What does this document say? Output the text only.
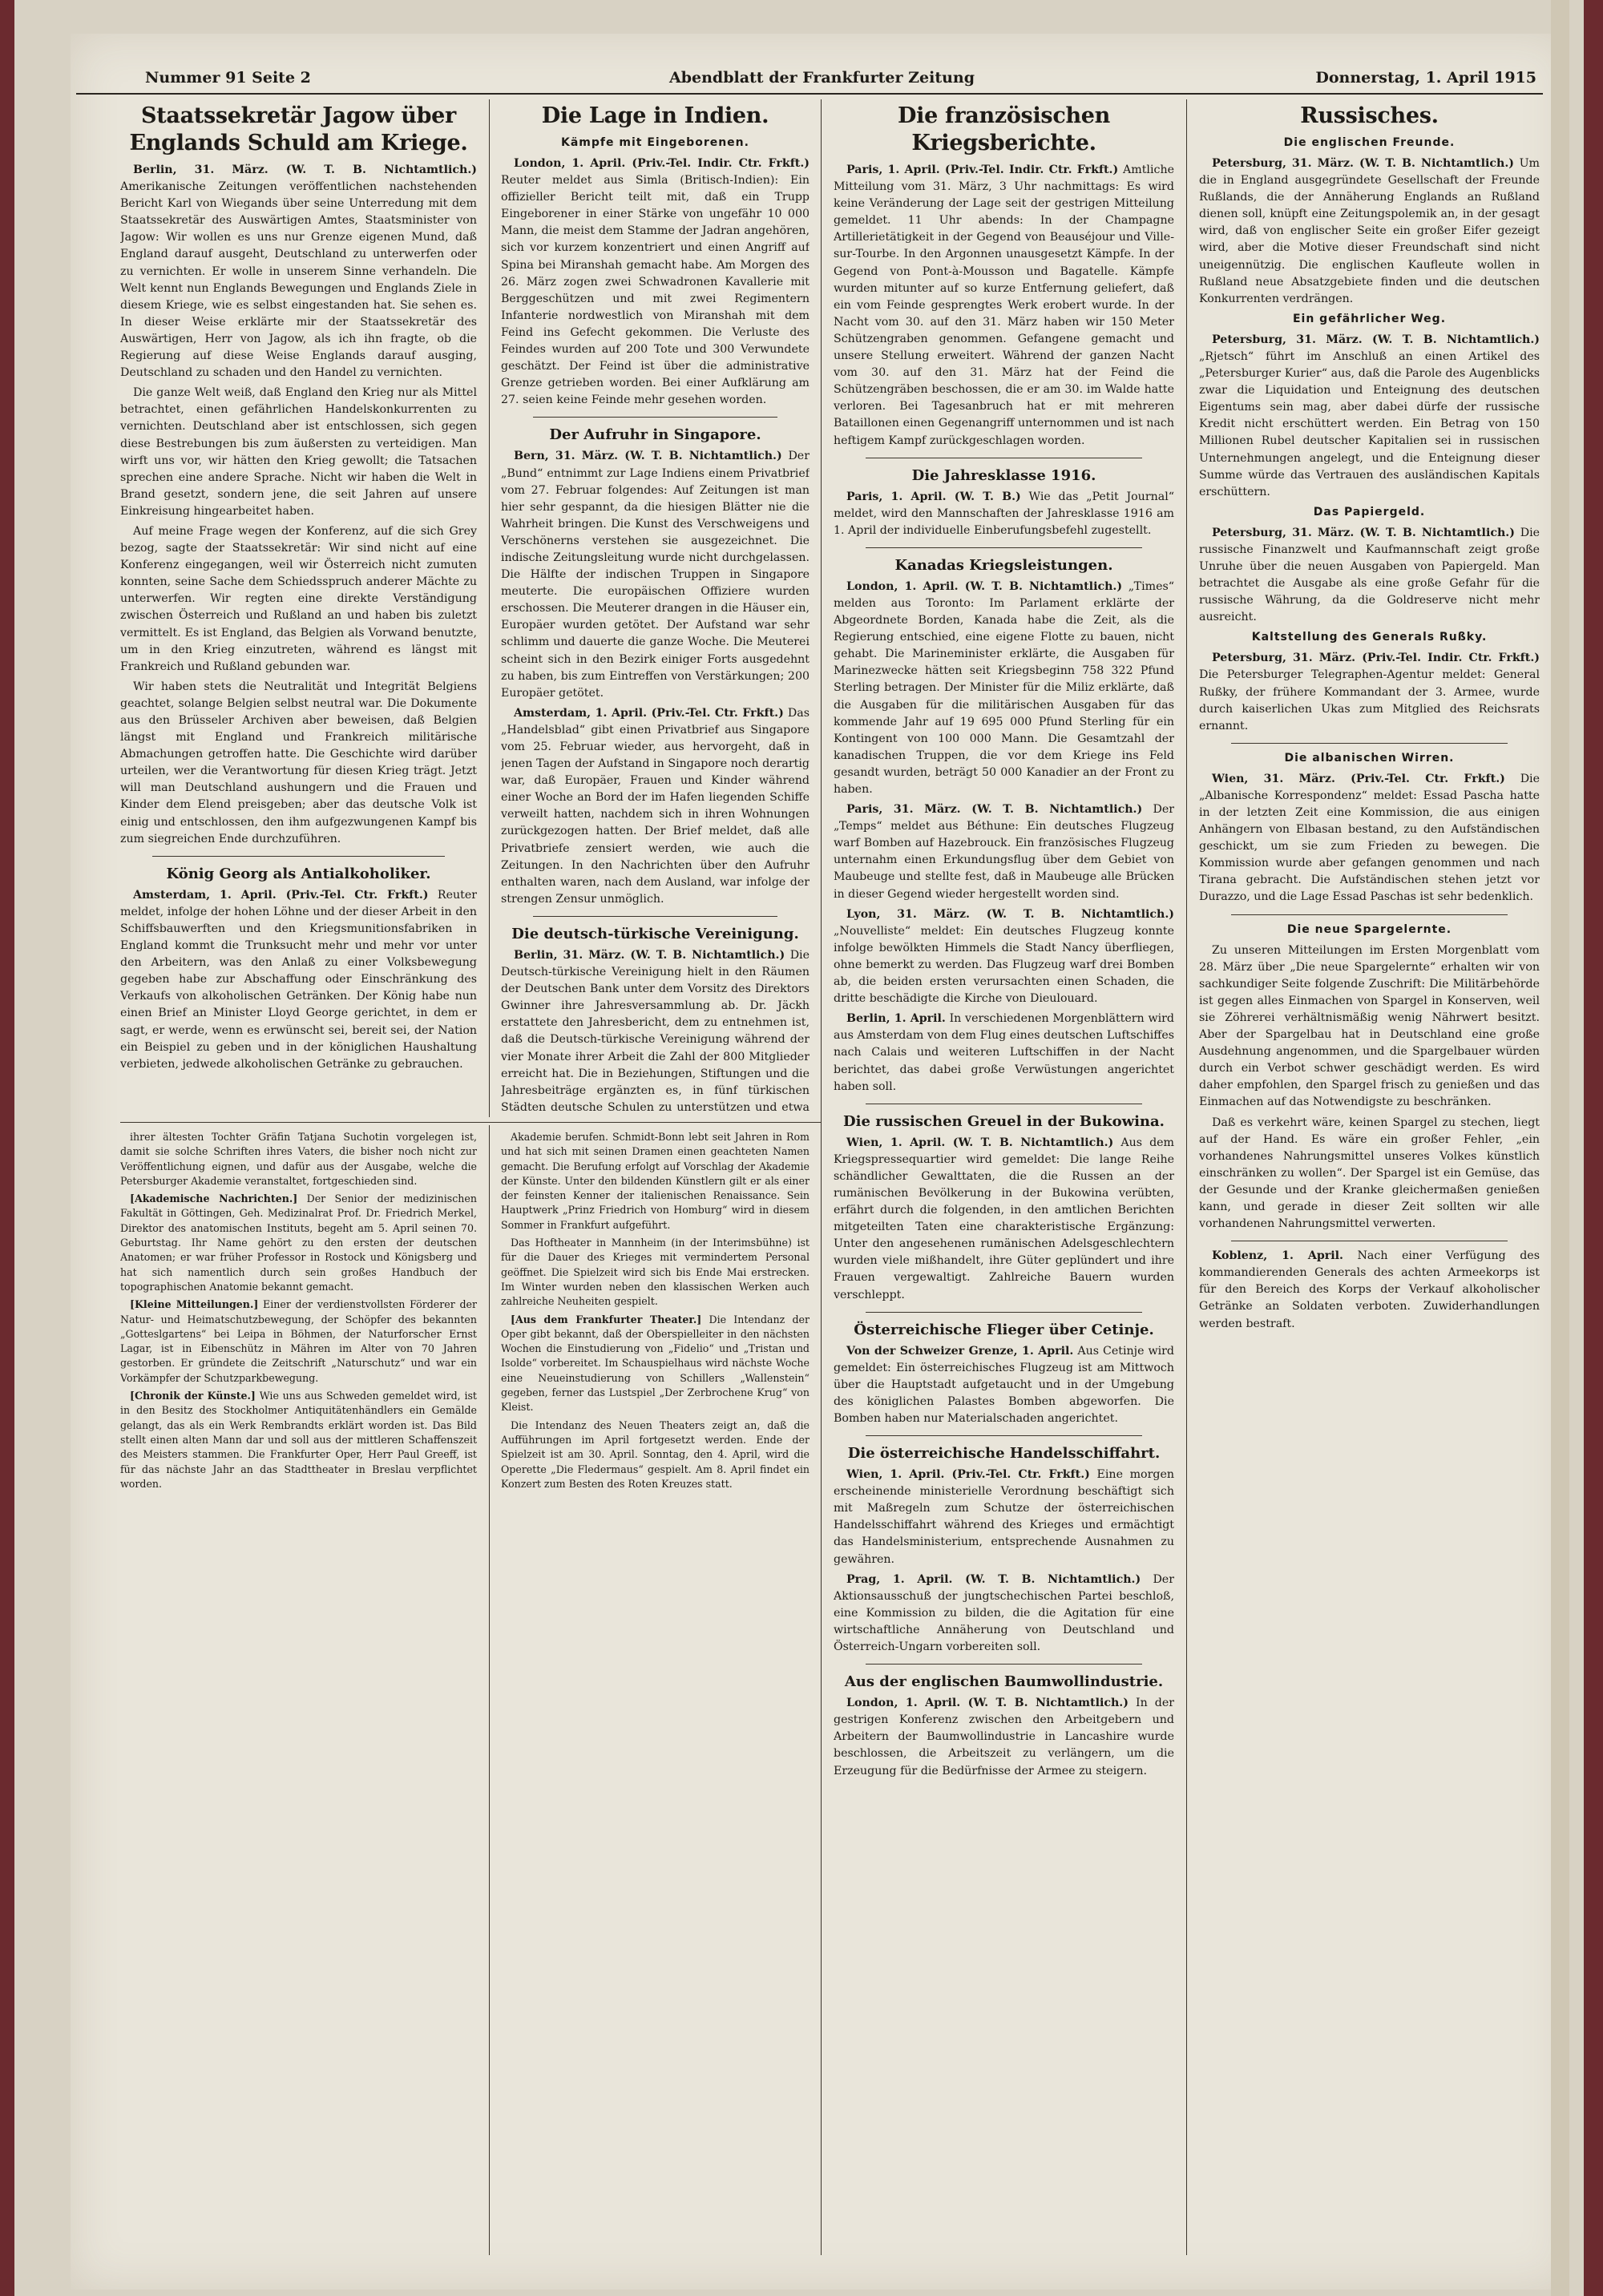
Nummer 91 Seite 2	Abendblatt der Frankfurter Zeitung	Donnerstag, 1. April 1915
Staatssekretär Jagow über Englands Schuld am Kriege.

Berlin, 31. März. (W. T. B. Nichtamtlich.) Amerikanische Zeitungen veröffentlichen nachstehenden Bericht Karl von Wiegands über seine Unterredung mit dem Staatssekretär des Auswärtigen Amtes, Staatsminister von Jagow: Wir wollen es uns nur Grenze eigenen Mund, daß England darauf ausgeht, Deutschland zu unterwerfen oder zu vernichten. Er wolle in unserem Sinne verhandeln. Die Welt kennt nun Englands Bewegungen und Englands Ziele in diesem Kriege, wie es selbst eingestanden hat. Sie sehen es. In dieser Weise erklärte mir der Staatssekretär des Auswärtigen, Herr von Jagow, als ich ihn fragte, ob die Regierung auf diese Weise Englands darauf ausging, Deutschland zu schaden und den Handel zu vernichten.

Die ganze Welt weiß, daß England den Krieg nur als Mittel betrachtet, einen gefährlichen Handelskonkurrenten zu vernichten. Deutschland aber ist entschlossen, sich gegen diese Bestrebungen bis zum äußersten zu verteidigen. Man wirft uns vor, wir hätten den Krieg gewollt; die Tatsachen sprechen eine andere Sprache. Nicht wir haben die Welt in Brand gesetzt, sondern jene, die seit Jahren auf unsere Einkreisung hingearbeitet haben.

Auf meine Frage wegen der Konferenz, auf die sich Grey bezog, sagte der Staatssekretär: Wir sind nicht auf eine Konferenz eingegangen, weil wir Österreich nicht zumuten konnten, seine Sache dem Schiedsspruch anderer Mächte zu unterwerfen. Wir regten eine direkte Verständigung zwischen Österreich und Rußland an und haben bis zuletzt vermittelt. Es ist England, das Belgien als Vorwand benutzte, um in den Krieg einzutreten, während es längst mit Frankreich und Rußland gebunden war.

Wir haben stets die Neutralität und Integrität Belgiens geachtet, solange Belgien selbst neutral war. Die Dokumente aus den Brüsseler Archiven aber beweisen, daß Belgien längst mit England und Frankreich militärische Abmachungen getroffen hatte. Die Geschichte wird darüber urteilen, wer die Verantwortung für diesen Krieg trägt. Jetzt will man Deutschland aushungern und die Frauen und Kinder dem Elend preisgeben; aber das deutsche Volk ist einig und entschlossen, den ihm aufgezwungenen Kampf bis zum siegreichen Ende durchzuführen.

König Georg als Antialkoholiker.

Amsterdam, 1. April. (Priv.-Tel. Ctr. Frkft.) Reuter meldet, infolge der hohen Löhne und der dieser Arbeit in den Schiffsbauwerften und den Kriegsmunitionsfabriken in England kommt die Trunksucht mehr und mehr vor unter den Arbeitern, was den Anlaß zu einer Volksbewegung gegeben habe zur Abschaffung oder Einschränkung des Verkaufs von alkoholischen Getränken. Der König habe nun einen Brief an Minister Lloyd George gerichtet, in dem er sagt, er werde, wenn es erwünscht sei, bereit sei, der Nation ein Beispiel zu geben und in der königlichen Haushaltung verbieten, jedwede alkoholischen Getränke zu gebrauchen.

Die Lage in Indien.
Kämpfe mit Eingeborenen.

London, 1. April. (Priv.-Tel. Indir. Ctr. Frkft.) Reuter meldet aus Simla (Britisch-Indien): Ein offizieller Bericht teilt mit, daß ein Trupp Eingeborener in einer Stärke von ungefähr 10 000 Mann, die meist dem Stamme der Jadran angehören, sich vor kurzem konzentriert und einen Angriff auf Spina bei Miranshah gemacht habe. Am Morgen des 26. März zogen zwei Schwadronen Kavallerie mit Berggeschützen und mit zwei Regimentern Infanterie nordwestlich von Miranshah mit dem Feind ins Gefecht gekommen. Die Verluste des Feindes wurden auf 200 Tote und 300 Verwundete geschätzt. Der Feind ist über die administrative Grenze getrieben worden. Bei einer Aufklärung am 27. seien keine Feinde mehr gesehen worden.

Der Aufruhr in Singapore.

Bern, 31. März. (W. T. B. Nichtamtlich.) Der „Bund“ entnimmt zur Lage Indiens einem Privatbrief vom 27. Februar folgendes: Auf Zeitungen ist man hier sehr gespannt, da die hiesigen Blätter nie die Wahrheit bringen. Die Kunst des Verschweigens und Verschönerns verstehen sie ausgezeichnet. Die indische Zeitungsleitung wurde nicht durchgelassen. Die Hälfte der indischen Truppen in Singapore meuterte. Die europäischen Offiziere wurden erschossen. Die Meuterer drangen in die Häuser ein, Europäer wurden getötet. Der Aufstand war sehr schlimm und dauerte die ganze Woche. Die Meuterei scheint sich in den Bezirk einiger Forts ausgedehnt zu haben, bis zum Eintreffen von Verstärkungen; 200 Europäer getötet.

Amsterdam, 1. April. (Priv.-Tel. Ctr. Frkft.) Das „Handelsblad“ gibt einen Privatbrief aus Singapore vom 25. Februar wieder, aus hervorgeht, daß in jenen Tagen der Aufstand in Singapore noch derartig war, daß Europäer, Frauen und Kinder während einer Woche an Bord der im Hafen liegenden Schiffe verweilt hatten, nachdem sich in ihren Wohnungen zurückgezogen hatten. Der Brief meldet, daß alle Privatbriefe zensiert werden, wie auch die Zeitungen. In den Nachrichten über den Aufruhr enthalten waren, nach dem Ausland, war infolge der strengen Zensur unmöglich.

Die deutsch-türkische Vereinigung.

Berlin, 31. März. (W. T. B. Nichtamtlich.) Die Deutsch-türkische Vereinigung hielt in den Räumen der Deutschen Bank unter dem Vorsitz des Direktors Gwinner ihre Jahresversammlung ab. Dr. Jäckh erstattete den Jahresbericht, dem zu entnehmen ist, daß die Deutsch-türkische Vereinigung während der vier Monate ihrer Arbeit die Zahl der 800 Mitglieder erreicht hat. Die in Beziehungen, Stiftungen und die Jahresbeiträge ergänzten es, in fünf türkischen Städten deutsche Schulen zu unterstützen und etwa

Die französischen Kriegsberichte.

Paris, 1. April. (Priv.-Tel. Indir. Ctr. Frkft.) Amtliche Mitteilung vom 31. März, 3 Uhr nachmittags: Es wird keine Veränderung der Lage seit der gestrigen Mitteilung gemeldet. 11 Uhr abends: In der Champagne Artillerietätigkeit in der Gegend von Beauséjour und Ville-sur-Tourbe. In den Argonnen unausgesetzt Kämpfe. In der Gegend von Pont-à-Mousson und Bagatelle. Kämpfe wurden mitunter auf so kurze Entfernung geliefert, daß ein vom Feinde gesprengtes Werk erobert wurde. In der Nacht vom 30. auf den 31. März haben wir 150 Meter Schützengraben genommen. Gefangene gemacht und unsere Stellung erweitert. Während der ganzen Nacht vom 30. auf den 31. März hat der Feind die Schützengräben beschossen, die er am 30. im Walde hatte verloren. Bei Tagesanbruch hat er mit mehreren Bataillonen einen Gegenangriff unternommen und ist nach heftigem Kampf zurückgeschlagen worden.

Die Jahresklasse 1916.

Paris, 1. April. (W. T. B.) Wie das „Petit Journal“ meldet, wird den Mannschaften der Jahresklasse 1916 am 1. April der individuelle Einberufungsbefehl zugestellt.

Kanadas Kriegsleistungen.

London, 1. April. (W. T. B. Nichtamtlich.) „Times“ melden aus Toronto: Im Parlament erklärte der Abgeordnete Borden, Kanada habe die Zeit, als die Regierung entschied, eine eigene Flotte zu bauen, nicht gehabt. Die Marineminister erklärte, die Ausgaben für Marinezwecke hätten seit Kriegsbeginn 758 322 Pfund Sterling betragen. Der Minister für die Miliz erklärte, daß die Ausgaben für die militärischen Ausgaben für das kommende Jahr auf 19 695 000 Pfund Sterling für ein Kontingent von 100 000 Mann. Die Gesamtzahl der kanadischen Truppen, die vor dem Kriege ins Feld gesandt wurden, beträgt 50 000 Kanadier an der Front zu haben.

Paris, 31. März. (W. T. B. Nichtamtlich.) Der „Temps“ meldet aus Béthune: Ein deutsches Flugzeug warf Bomben auf Hazebrouck. Ein französisches Flugzeug unternahm einen Erkundungsflug über dem Gebiet von Maubeuge und stellte fest, daß in Maubeuge alle Brücken in dieser Gegend wieder hergestellt worden sind.

Lyon, 31. März. (W. T. B. Nichtamtlich.) „Nouvelliste“ meldet: Ein deutsches Flugzeug konnte infolge bewölkten Himmels die Stadt Nancy überfliegen, ohne bemerkt zu werden. Das Flugzeug warf drei Bomben ab, die beiden ersten verursachten einen Schaden, die dritte beschädigte die Kirche von Dieulouard.

Berlin, 1. April. In verschiedenen Morgenblättern wird aus Amsterdam von dem Flug eines deutschen Luftschiffes nach Calais und weiteren Luftschiffen in der Nacht berichtet, das dabei große Verwüstungen angerichtet haben soll.

Die russischen Greuel in der Bukowina.

Wien, 1. April. (W. T. B. Nichtamtlich.) Aus dem Kriegspressequartier wird gemeldet: Die lange Reihe schändlicher Gewalttaten, die die Russen an der rumänischen Bevölkerung in der Bukowina verübten, erfährt durch die folgenden, in den amtlichen Berichten mitgeteilten Taten eine charakteristische Ergänzung: Unter den angesehenen rumänischen Adelsgeschlechtern wurden viele mißhandelt, ihre Güter geplündert und ihre Frauen vergewaltigt. Zahlreiche Bauern wurden verschleppt.

Österreichische Flieger über Cetinje.

Von der Schweizer Grenze, 1. April. Aus Cetinje wird gemeldet: Ein österreichisches Flugzeug ist am Mittwoch über die Hauptstadt aufgetaucht und in der Umgebung des königlichen Palastes Bomben abgeworfen. Die Bomben haben nur Materialschaden angerichtet.

Die österreichische Handelsschiffahrt.

Wien, 1. April. (Priv.-Tel. Ctr. Frkft.) Eine morgen erscheinende ministerielle Verordnung beschäftigt sich mit Maßregeln zum Schutze der österreichischen Handelsschiffahrt während des Krieges und ermächtigt das Handelsministerium, entsprechende Ausnahmen zu gewähren.

Prag, 1. April. (W. T. B. Nichtamtlich.) Der Aktionsausschuß der jungtschechischen Partei beschloß, eine Kommission zu bilden, die die Agitation für eine wirtschaftliche Annäherung von Deutschland und Österreich-Ungarn vorbereiten soll.

Aus der englischen Baumwollindustrie.

London, 1. April. (W. T. B. Nichtamtlich.) In der gestrigen Konferenz zwischen den Arbeitgebern und Arbeitern der Baumwollindustrie in Lancashire wurde beschlossen, die Arbeitszeit zu verlängern, um die Erzeugung für die Bedürfnisse der Armee zu steigern.

Russisches.
Die englischen Freunde.

Petersburg, 31. März. (W. T. B. Nichtamtlich.) Um die in England ausgegründete Gesellschaft der Freunde Rußlands, die der Annäherung Englands an Rußland dienen soll, knüpft eine Zeitungspolemik an, in der gesagt wird, daß von englischer Seite ein großer Eifer gezeigt wird, aber die Motive dieser Freundschaft sind nicht uneigennützig. Die englischen Kaufleute wollen in Rußland neue Absatzgebiete finden und die deutschen Konkurrenten verdrängen.

Ein gefährlicher Weg.

Petersburg, 31. März. (W. T. B. Nichtamtlich.) „Rjetsch“ führt im Anschluß an einen Artikel des „Petersburger Kurier“ aus, daß die Parole des Augenblicks zwar die Liquidation und Enteignung des deutschen Eigentums sein mag, aber dabei dürfe der russische Kredit nicht erschüttert werden. Ein Betrag von 150 Millionen Rubel deutscher Kapitalien sei in russischen Unternehmungen angelegt, und die Enteignung dieser Summe würde das Vertrauen des ausländischen Kapitals erschüttern.

Das Papiergeld.

Petersburg, 31. März. (W. T. B. Nichtamtlich.) Die russische Finanzwelt und Kaufmannschaft zeigt große Unruhe über die neuen Ausgaben von Papiergeld. Man betrachtet die Ausgabe als eine große Gefahr für die russische Währung, da die Goldreserve nicht mehr ausreicht.

Kaltstellung des Generals Rußky.

Petersburg, 31. März. (Priv.-Tel. Indir. Ctr. Frkft.) Die Petersburger Telegraphen-Agentur meldet: General Rußky, der frühere Kommandant der 3. Armee, wurde durch kaiserlichen Ukas zum Mitglied des Reichsrats ernannt.

Die albanischen Wirren.

Wien, 31. März. (Priv.-Tel. Ctr. Frkft.) Die „Albanische Korrespondenz“ meldet: Essad Pascha hatte in der letzten Zeit eine Kommission, die aus einigen Anhängern von Elbasan bestand, zu den Aufständischen geschickt, um sie zum Frieden zu bewegen. Die Kommission wurde aber gefangen genommen und nach Tirana gebracht. Die Aufständischen stehen jetzt vor Durazzo, und die Lage Essad Paschas ist sehr bedenklich.

Die neue Spargelernte.

Zu unseren Mitteilungen im Ersten Morgenblatt vom 28. März über „Die neue Spargelernte“ erhalten wir von sachkundiger Seite folgende Zuschrift: Die Militärbehörde ist gegen alles Einmachen von Spargel in Konserven, weil sie Zöhrerei verhältnismäßig wenig Nährwert besitzt. Aber der Spargelbau hat in Deutschland eine große Ausdehnung angenommen, und die Spargelbauer würden durch ein Verbot schwer geschädigt werden. Es wird daher empfohlen, den Spargel frisch zu genießen und das Einmachen auf das Notwendigste zu beschränken.

Daß es verkehrt wäre, keinen Spargel zu stechen, liegt auf der Hand. Es wäre ein großer Fehler, „ein vorhandenes Nahrungsmittel unseres Volkes künstlich einschränken zu wollen“. Der Spargel ist ein Gemüse, das der Gesunde und der Kranke gleichermaßen genießen kann, und gerade in dieser Zeit sollten wir alle vorhandenen Nahrungsmittel verwerten.

Koblenz, 1. April. Nach einer Verfügung des kommandierenden Generals des achten Armeekorps ist für den Bereich des Korps der Verkauf alkoholischer Getränke an Soldaten verboten. Zuwiderhandlungen werden bestraft.

ihrer ältesten Tochter Gräfin Tatjana Suchotin vorgelegen ist, damit sie solche Schriften ihres Vaters, die bisher noch nicht zur Veröffentlichung eignen, und dafür aus der Ausgabe, welche die Petersburger Akademie veranstaltet, fortgeschieden sind.

[Akademische Nachrichten.] Der Senior der medizinischen Fakultät in Göttingen, Geh. Medizinalrat Prof. Dr. Friedrich Merkel, Direktor des anatomischen Instituts, begeht am 5. April seinen 70. Geburtstag. Ihr Name gehört zu den ersten der deutschen Anatomen; er war früher Professor in Rostock und Königsberg und hat sich namentlich durch sein großes Handbuch der topographischen Anatomie bekannt gemacht.

[Kleine Mitteilungen.] Einer der verdienstvollsten Förderer der Natur- und Heimatschutzbewegung, der Schöpfer des bekannten „Gotteslgartens“ bei Leipa in Böhmen, der Naturforscher Ernst Lagar, ist in Eibenschütz in Mähren im Alter von 70 Jahren gestorben. Er gründete die Zeitschrift „Naturschutz“ und war ein Vorkämpfer der Schutzparkbewegung.

[Chronik der Künste.] Wie uns aus Schweden gemeldet wird, ist in den Besitz des Stockholmer Antiquitätenhändlers ein Gemälde gelangt, das als ein Werk Rembrandts erklärt worden ist. Das Bild stellt einen alten Mann dar und soll aus der mittleren Schaffenszeit des Meisters stammen. Die Frankfurter Oper, Herr Paul Greeff, ist für das nächste Jahr an das Stadttheater in Breslau verpflichtet worden.

Akademie berufen. Schmidt-Bonn lebt seit Jahren in Rom und hat sich mit seinen Dramen einen geachteten Namen gemacht. Die Berufung erfolgt auf Vorschlag der Akademie der Künste. Unter den bildenden Künstlern gilt er als einer der feinsten Kenner der italienischen Renaissance. Sein Hauptwerk „Prinz Friedrich von Homburg“ wird in diesem Sommer in Frankfurt aufgeführt.

Das Hoftheater in Mannheim (in der Interimsbühne) ist für die Dauer des Krieges mit vermindertem Personal geöffnet. Die Spielzeit wird sich bis Ende Mai erstrecken. Im Winter wurden neben den klassischen Werken auch zahlreiche Neuheiten gespielt.

[Aus dem Frankfurter Theater.] Die Intendanz der Oper gibt bekannt, daß der Oberspielleiter in den nächsten Wochen die Einstudierung von „Fidelio“ und „Tristan und Isolde“ vorbereitet. Im Schauspielhaus wird nächste Woche eine Neueinstudierung von Schillers „Wallenstein“ gegeben, ferner das Lustspiel „Der Zerbrochene Krug“ von Kleist.

Die Intendanz des Neuen Theaters zeigt an, daß die Aufführungen im April fortgesetzt werden. Ende der Spielzeit ist am 30. April. Sonntag, den 4. April, wird die Operette „Die Fledermaus“ gespielt. Am 8. April findet ein Konzert zum Besten des Roten Kreuzes statt.
